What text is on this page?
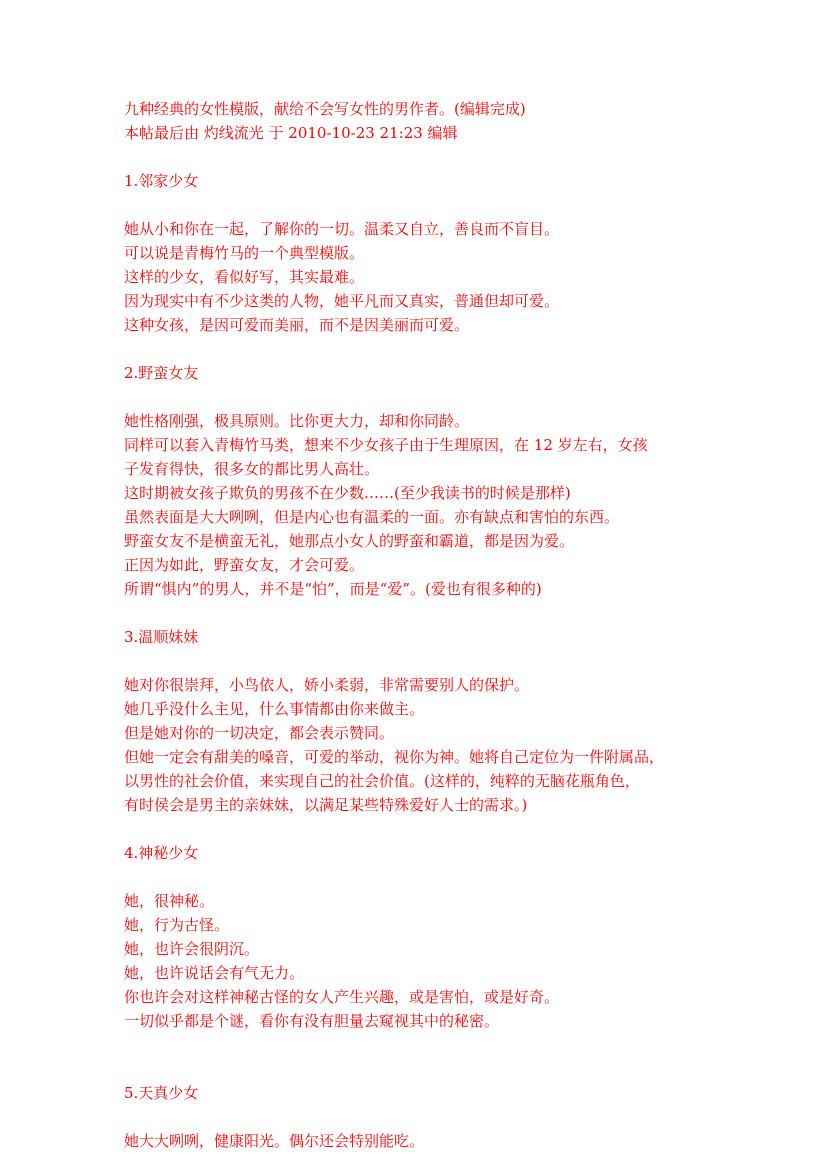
九种经典的女性模版，献给不会写女性的男作者。(编辑完成)
本帖最后由 灼线流光 于 2010-10-23 21:23 编辑
1.邻家少女
她从小和你在一起，了解你的一切。温柔又自立，善良而不盲目。
可以说是青梅竹马的一个典型模版。
这样的少女，看似好写，其实最难。
因为现实中有不少这类的人物，她平凡而又真实，普通但却可爱。
这种女孩，是因可爱而美丽，而不是因美丽而可爱。
2.野蛮女友
她性格刚强，极具原则。比你更大力，却和你同龄。
同样可以套入青梅竹马类，想来不少女孩子由于生理原因，在 12 岁左右，女孩
子发育得快，很多女的都比男人高壮。
这时期被女孩子欺负的男孩不在少数……(至少我读书的时候是那样)
虽然表面是大大咧咧，但是内心也有温柔的一面。亦有缺点和害怕的东西。
野蛮女友不是横蛮无礼，她那点小女人的野蛮和霸道，都是因为爱。
正因为如此，野蛮女友，才会可爱。
所谓“惧内”的男人，并不是“怕”，而是“爱”。(爱也有很多种的)
3.温顺妹妹
她对你很崇拜，小鸟依人，娇小柔弱，非常需要别人的保护。
她几乎没什么主见，什么事情都由你来做主。
但是她对你的一切决定，都会表示赞同。
但她一定会有甜美的嗓音，可爱的举动，视你为神。她将自己定位为一件附属品，
以男性的社会价值，来实现自己的社会价值。(这样的，纯粹的无脑花瓶角色，
有时侯会是男主的亲妹妹，以满足某些特殊爱好人士的需求。)
4.神秘少女
她，很神秘。
她，行为古怪。
她，也许会很阴沉。
她，也许说话会有气无力。
你也许会对这样神秘古怪的女人产生兴趣，或是害怕，或是好奇。
一切似乎都是个谜，看你有没有胆量去窥视其中的秘密。
5.天真少女
她大大咧咧，健康阳光。偶尔还会特别能吃。
